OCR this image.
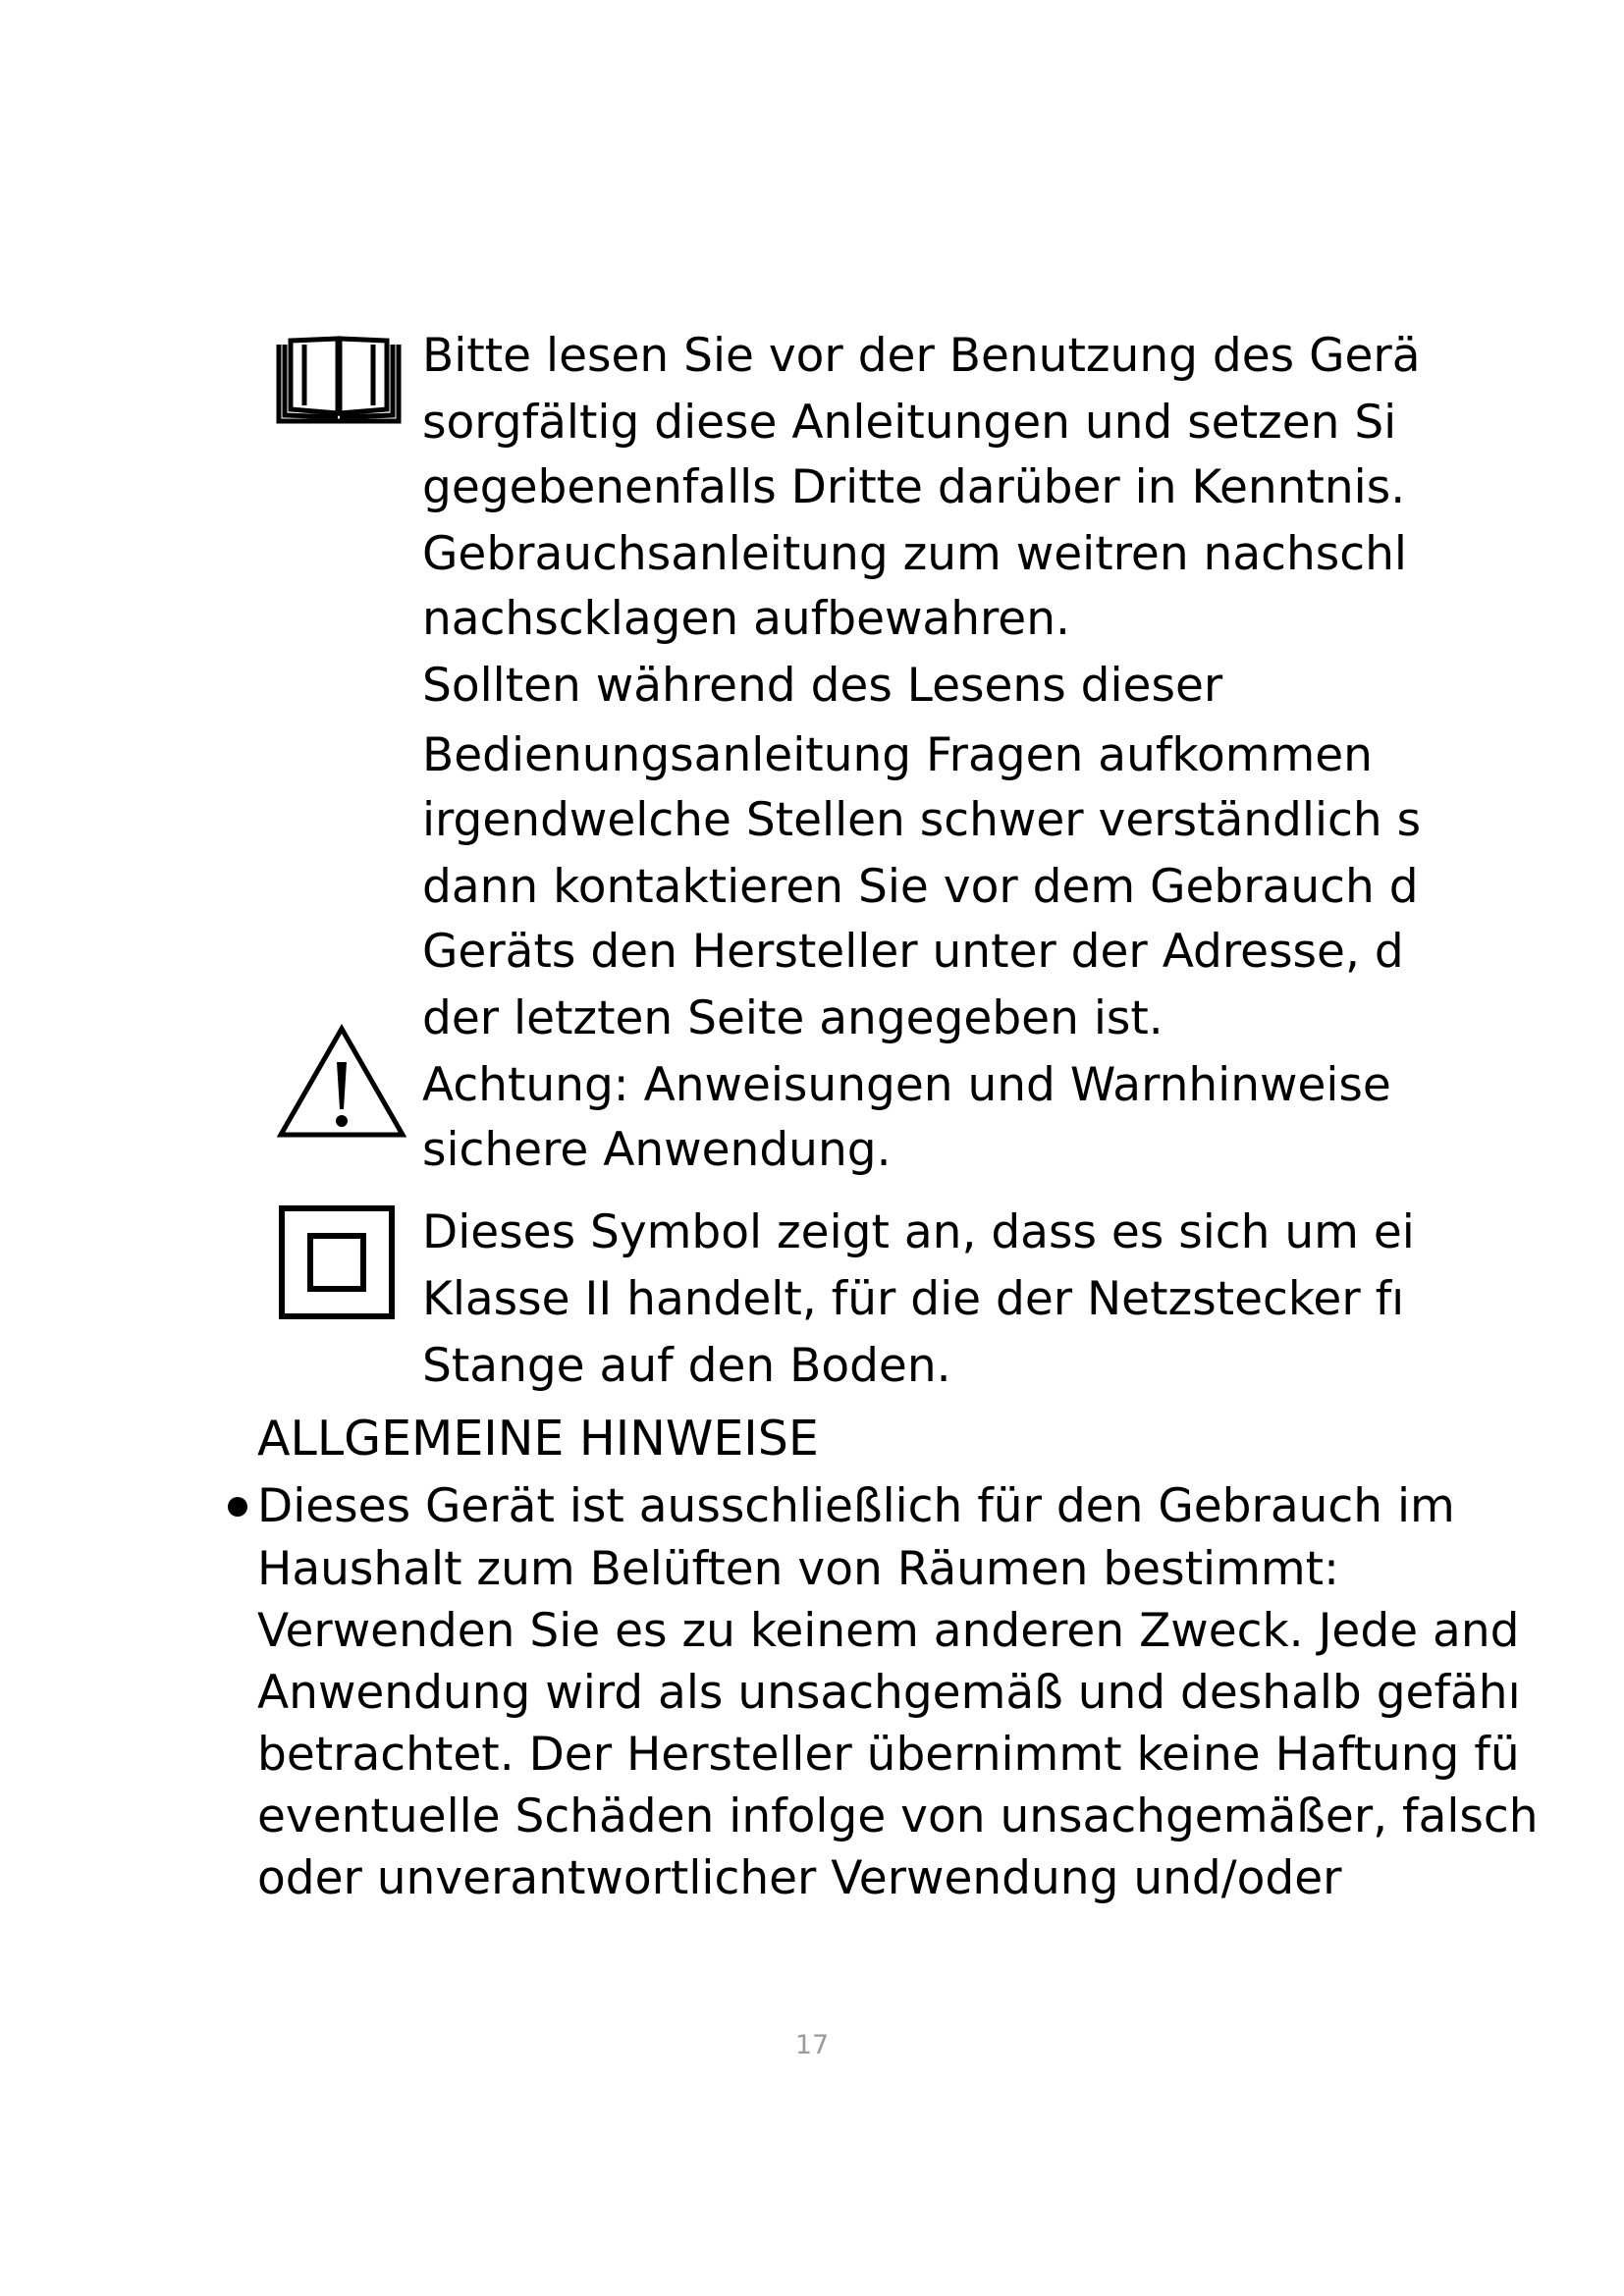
Bitte lesen Sie vor der Benutzung des Gerä
sorgfältig diese Anleitungen und setzen Si
gegebenenfalls Dritte darüber in Kenntnis.
Gebrauchsanleitung zum weitren nachschl
nachscklagen aufbewahren.
Sollten während des Lesens dieser
Bedienungsanleitung Fragen aufkommen
irgendwelche Stellen schwer verständlich s
dann kontaktieren Sie vor dem Gebrauch d
Geräts den Hersteller unter der Adresse, d
der letzten Seite angegeben ist.
Achtung: Anweisungen und Warnhinweise
sichere Anwendung.
Dieses Symbol zeigt an, dass es sich um ei
Klasse II handelt, für die der Netzstecker fı
Stange auf den Boden.
ALLGEMEINE HINWEISE
Dieses Gerät ist ausschließlich für den Gebrauch im
Haushalt zum Belüften von Räumen bestimmt:
Verwenden Sie es zu keinem anderen Zweck. Jede and
Anwendung wird als unsachgemäß und deshalb gefähı
betrachtet. Der Hersteller übernimmt keine Haftung fü
eventuelle Schäden infolge von unsachgemäßer, falsch
oder unverantwortlicher Verwendung und/oder
17
